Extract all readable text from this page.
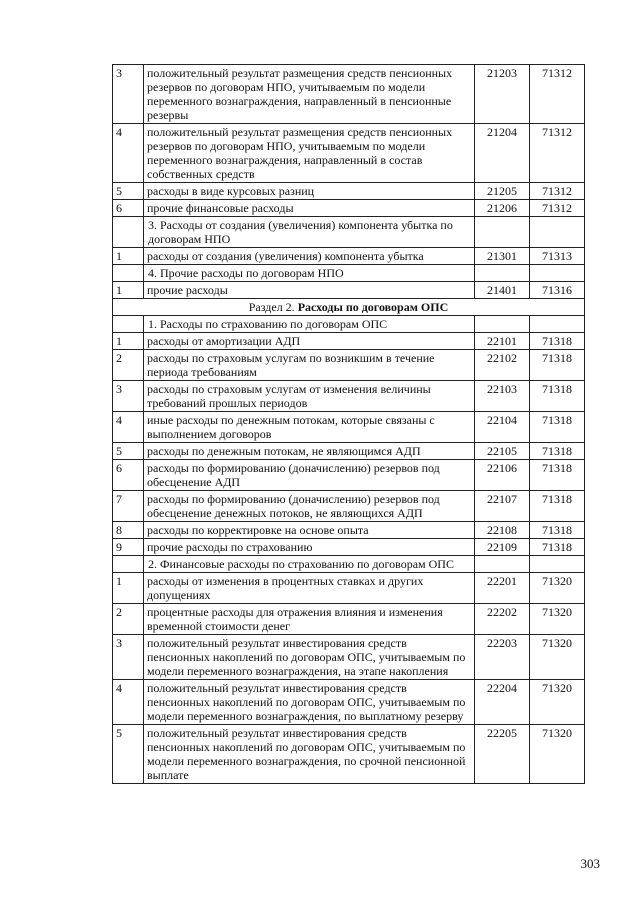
3	положительный результат размещения средств пенсионных резервов по договорам НПО, учитываемым по модели переменного вознаграждения, направленный в пенсионные резервы	21203	71312
4	положительный результат размещения средств пенсионных резервов по договорам НПО, учитываемым по модели переменного вознаграждения, направленный в состав собственных средств	21204	71312
5	расходы в виде курсовых разниц	21205	71312
6	прочие финансовые расходы	21206	71312
	3. Расходы от создания (увеличения) компонента убытка по договорам НПО		
1	расходы от создания (увеличения) компонента убытка	21301	71313
	4. Прочие расходы по договорам НПО		
1	прочие расходы	21401	71316
Раздел 2. Расходы по договорам ОПС			
	1. Расходы по страхованию по договорам ОПС		
1	расходы от амортизации АДП	22101	71318
2	расходы по страховым услугам по возникшим в течение периода требованиям	22102	71318
3	расходы по страховым услугам от изменения величины требований прошлых периодов	22103	71318
4	иные расходы по денежным потокам, которые связаны с выполнением договоров	22104	71318
5	расходы по денежным потокам, не являющимся АДП	22105	71318
6	расходы по формированию (доначислению) резервов под обесценение АДП	22106	71318
7	расходы по формированию (доначислению) резервов под обесценение денежных потоков, не являющихся АДП	22107	71318
8	расходы по корректировке на основе опыта	22108	71318
9	прочие расходы по страхованию	22109	71318
	2. Финансовые расходы по страхованию по договорам ОПС		
1	расходы от изменения в процентных ставках и других допущениях	22201	71320
2	процентные расходы для отражения влияния и изменения временной стоимости денег	22202	71320
3	положительный результат инвестирования средств пенсионных накоплений по договорам ОПС, учитываемым по модели переменного вознаграждения, на этапе накопления	22203	71320
4	положительный результат инвестирования средств пенсионных накоплений по договорам ОПС, учитываемым по модели переменного вознаграждения, по выплатному резерву	22204	71320
5	положительный результат инвестирования средств пенсионных накоплений по договорам ОПС, учитываемым по модели переменного вознаграждения, по срочной пенсионной выплате	22205	71320
303
